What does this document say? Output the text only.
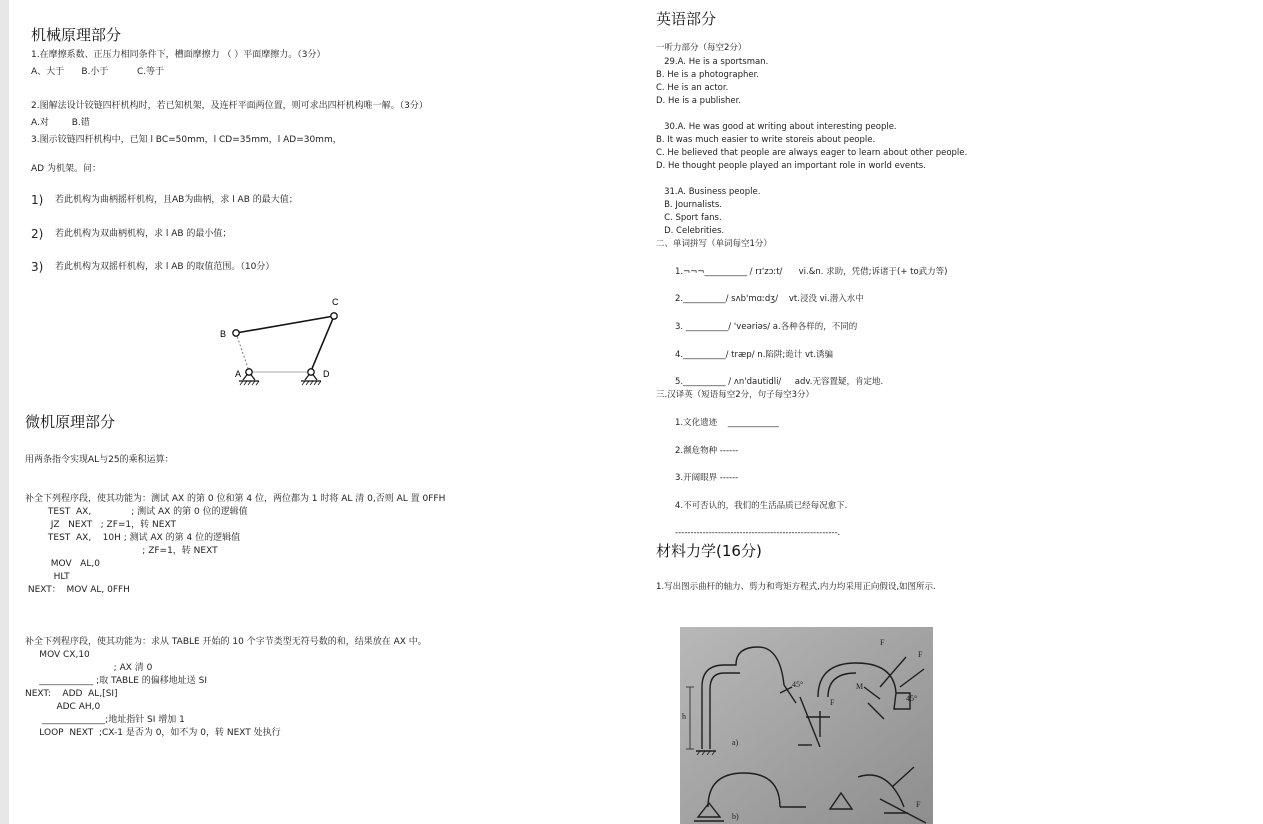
机械原理部分
1.在摩擦系数、正压力相同条件下，槽面摩擦力 （ ）平面摩擦力。（3分）
A、大于      B.小于          C.等于
2.图解法设计铰链四杆机构时，若已知机架，及连杆平面两位置，则可求出四杆机构唯一解。（3分）
A.对        B.错
3.图示铰链四杆机构中，已知 l BC=50mm，l CD=35mm，l AD=30mm，
AD 为机架。问：
1) 若此机构为曲柄摇杆机构，且AB为曲柄，求 l AB 的最大值；
2) 若此机构为双曲柄机构，求 l AB 的最小值；
3) 若此机构为双摇杆机构，求 l AB 的取值范围。（10分）
B
C
A	D
微机原理部分
用两条指令实现AL与25的乘积运算：
补全下列程序段，使其功能为：测试 AX 的第 0 位和第 4 位，两位都为 1 时将 AL 清 0,否则 AL 置 0FFH
TEST  AX,              ; 测试 AX 的第 0 位的逻辑值
JZ   NEXT   ; ZF=1，转 NEXT
TEST  AX,    10H ; 测试 AX 的第 4 位的逻辑值
; ZF=1，转 NEXT
MOV   AL,0
HLT
NEXT：  MOV AL, 0FFH
补全下列程序段，使其功能为：求从 TABLE 开始的 10 个字节类型无符号数的和，结果放在 AX 中。
MOV CX,10
; AX 清 0
____________ ;取 TABLE 的偏移地址送 SI
NEXT:    ADD  AL,[SI]
ADC AH,0
______________;地址指针 SI 增加 1
LOOP  NEXT  ;CX-1 是否为 0，如不为 0，转 NEXT 处执行
英语部分
一听力部分（每空2分）
29.A. He is a sportsman.
B. He is a photographer.
C. He is an actor.
D. He is a publisher.
30.A. He was good at writing about interesting people.
B. It was much easier to write storeis about people.
C. He believed that people are always eager to learn about other people.
D. He thought people played an important role in world events.
31.A. Business people.
B. Journalists.
C. Sport fans.
D. Celebrities.
二、单词拼写（单词每空1分）
1.¬¬¬__________ / rɪ'zɔːt/      vi.&n. 求助，凭借;诉诸于(+ to武力等)
2.__________/ sʌb'mɑːdʒ/    vt.浸没 vi.潜入水中
3. __________/ 'veəriəs/ a.各种各样的，不同的
4.__________/ træp/ n.陷阱;诡计 vt.诱骗
5.__________ / ʌn'dautidli/     adv.无容置疑，肯定地.
三.汉译英（短语每空2分，句子每空3分）
1.文化遗迹    ____________
2.濒危物种 ------
3.开阔眼界 ------
4.不可否认的，我们的生活品质已经每况愈下.
-----------------------------------------------------.
材料力学(16分)
1.写出图示曲杆的轴力、剪力和弯矩方程式,内力均采用正向假设,如图所示.
h
a)
b)
F
F
M
45°
45°
F
F
